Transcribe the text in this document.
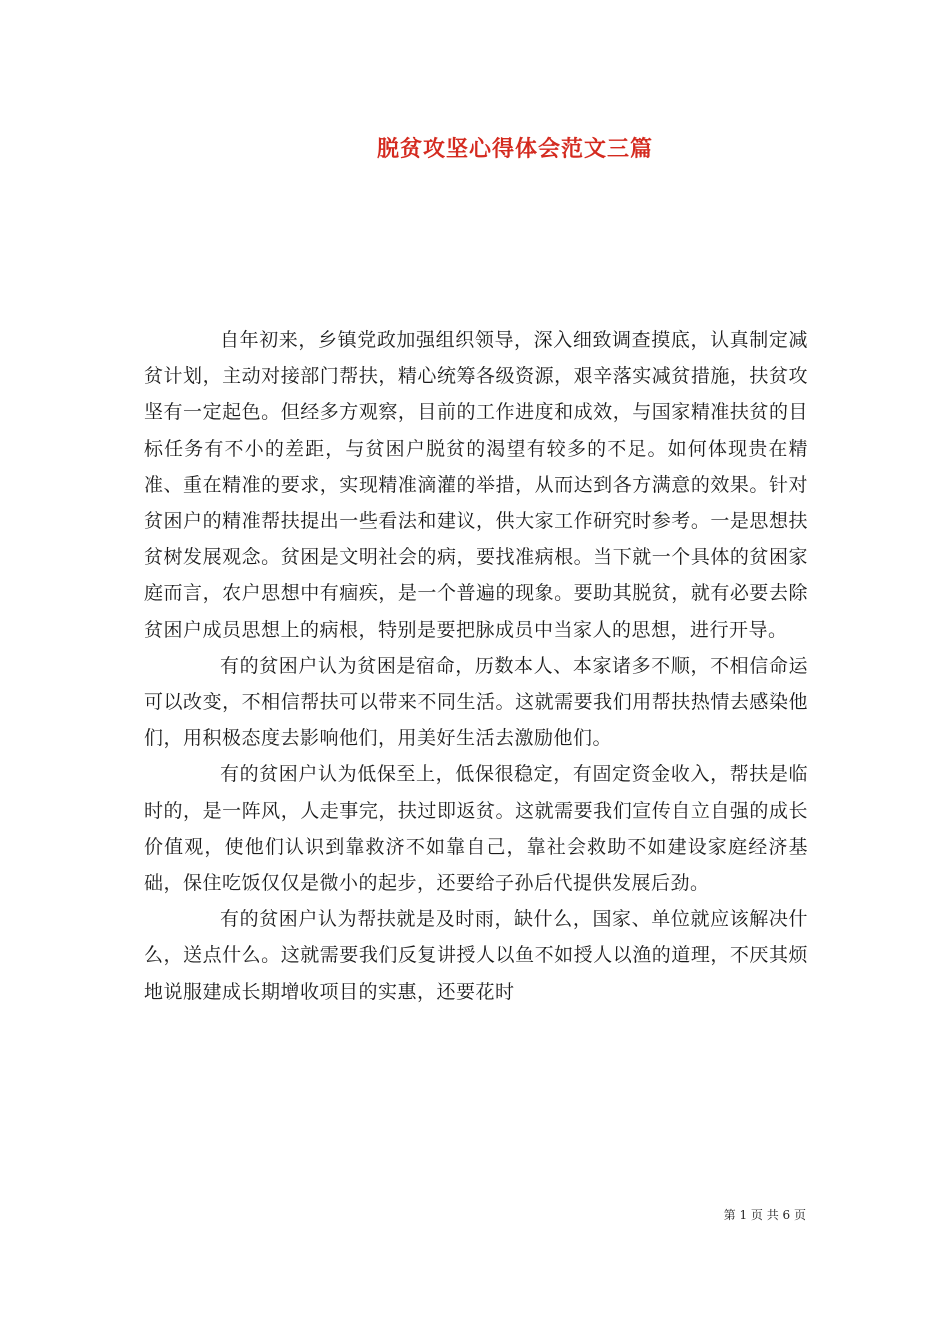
脱贫攻坚心得体会范文三篇

自年初来，乡镇党政加强组织领导，深入细致调查摸底，认真制定减贫计划，主动对接部门帮扶，精心统筹各级资源，艰辛落实减贫措施，扶贫攻坚有一定起色。但经多方观察，目前的工作进度和成效，与国家精准扶贫的目标任务有不小的差距，与贫困户脱贫的渴望有较多的不足。如何体现贵在精准、重在精准的要求，实现精准滴灌的举措，从而达到各方满意的效果。针对贫困户的精准帮扶提出一些看法和建议，供大家工作研究时参考。一是思想扶贫树发展观念。贫困是文明社会的病，要找准病根。当下就一个具体的贫困家庭而言，农户思想中有痼疾，是一个普遍的现象。要助其脱贫，就有必要去除贫困户成员思想上的病根，特别是要把脉成员中当家人的思想，进行开导。

有的贫困户认为贫困是宿命，历数本人、本家诸多不顺，不相信命运可以改变，不相信帮扶可以带来不同生活。这就需要我们用帮扶热情去感染他们，用积极态度去影响他们，用美好生活去激励他们。

有的贫困户认为低保至上，低保很稳定，有固定资金收入，帮扶是临时的，是一阵风，人走事完，扶过即返贫。这就需要我们宣传自立自强的成长价值观，使他们认识到靠救济不如靠自己，靠社会救助不如建设家庭经济基础，保住吃饭仅仅是微小的起步，还要给子孙后代提供发展后劲。

有的贫困户认为帮扶就是及时雨，缺什么，国家、单位就应该解决什么，送点什么。这就需要我们反复讲授人以鱼不如授人以渔的道理，不厌其烦地说服建成长期增收项目的实惠，还要花时

第 1 页 共 6 页
